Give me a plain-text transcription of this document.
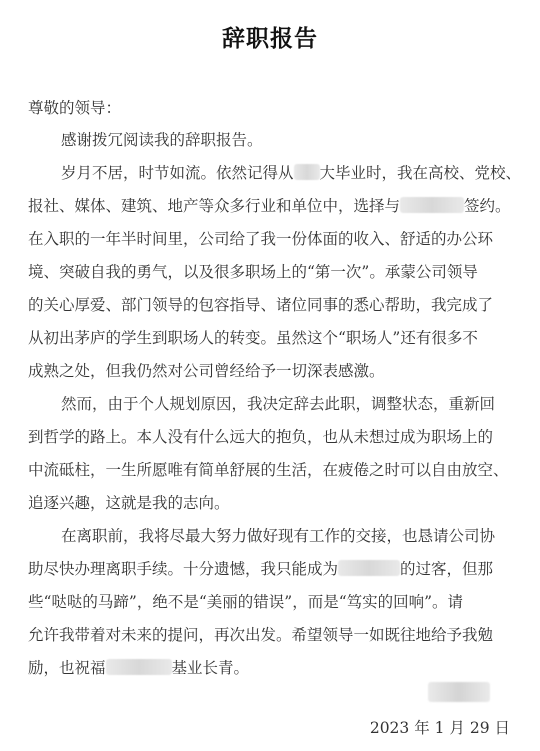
辞职报告
尊敬的领导：
感谢拨冗阅读我的辞职报告。
岁月不居，时节如流。依然记得从 大毕业时，我在高校、党校、
报社、媒体、建筑、地产等众多行业和单位中，选择与	签约。
在入职的一年半时间里，公司给了我一份体面的收入、舒适的办公环
境、突破自我的勇气，以及很多职场上的“第一次”。承蒙公司领导
的关心厚爱、部门领导的包容指导、诸位同事的悉心帮助，我完成了
从初出茅庐的学生到职场人的转变。虽然这个“职场人”还有很多不
成熟之处，但我仍然对公司曾经给予一切深表感激。
然而，由于个人规划原因，我决定辞去此职，调整状态，重新回
到哲学的路上。本人没有什么远大的抱负，也从未想过成为职场上的
中流砥柱，一生所愿唯有简单舒展的生活，在疲倦之时可以自由放空、
追逐兴趣，这就是我的志向。
在离职前，我将尽最大努力做好现有工作的交接，也恳请公司协
助尽快办理离职手续。十分遗憾，我只能成为	的过客，但那
些“哒哒的马蹄”，绝不是“美丽的错误”，而是“笃实的回响”。请
允许我带着对未来的提问，再次出发。希望领导一如既往地给予我勉
励，也祝福	基业长青。
2023 年 1 月 29 日
